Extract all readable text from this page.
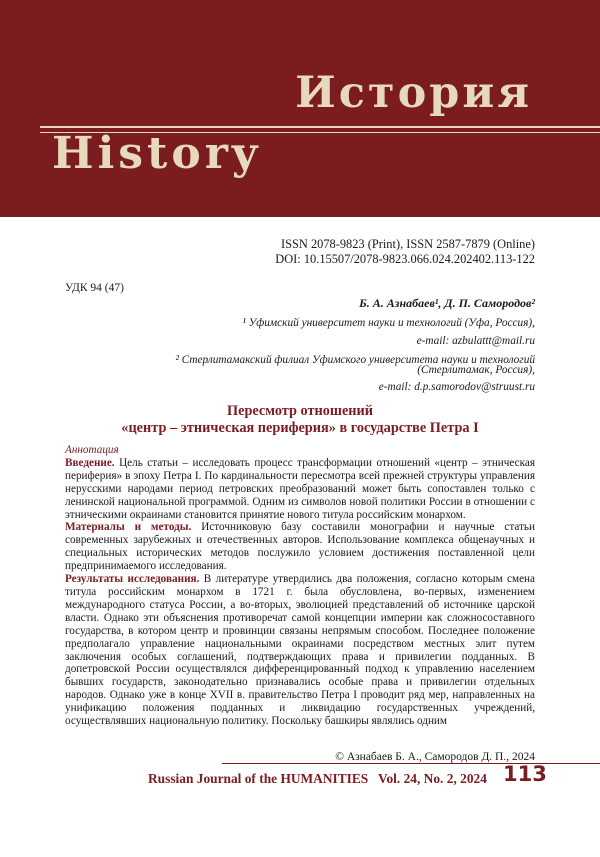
История
History
ISSN 2078-9823 (Print), ISSN 2587-7879 (Online)
DOI: 10.15507/2078-9823.066.024.202402.113-122
УДК 94 (47)
Б. А. Азнабаев¹, Д. П. Самородов²
¹ Уфимский университет науки и технологий (Уфа, Россия),
e-mail: azbulattt@mail.ru
² Стерлитамакский филиал Уфимского университета науки и технологий
(Стерлитамак, Россия),
e-mail: d.p.samorodov@struust.ru
Пересмотр отношений
«центр – этническая периферия» в государстве Петра I

Аннотация

Введение. Цель статьи – исследовать процесс трансформации отношений «центр – этническая периферия» в эпоху Петра I. По кардинальности пересмотра всей прежней структуры управления нерусскими народами период петровских преобразований может быть сопоставлен только с ленинской национальной программой. Одним из символов новой политики России в отношении с этническими окраинами становится принятие нового титула российским монархом.

Материалы и методы. Источниковую базу составили монографии и научные статьи современных зарубежных и отечественных авторов. Использование комплекса общенаучных и специальных исторических методов послужило условием достижения поставленной цели предпринимаемого исследования.

Результаты исследования. В литературе утвердились два положения, согласно которым смена титула российским монархом в 1721 г. была обусловлена, во-первых, изменением международного статуса России, а во-вторых, эволюцией представлений об источнике царской власти. Однако эти объяснения противоречат самой концепции империи как сложносоставного государства, в котором центр и провинции связаны непрямым способом. Последнее положение предполагало управление национальными окраинами посредством местных элит путем заключения особых соглашений, подтверждающих права и привилегии подданных. В допетровской России осуществлялся дифференцированный подход к управлению населением бывших государств, законодательно признавались особые права и привилегии отдельных народов. Однако уже в конце XVII в. правительство Петра I проводит ряд мер, направленных на унификацию положения подданных и ликвидацию государственных учреждений, осуществлявших национальную политику. Поскольку башкиры являлись одним

© Азнабаев Б. А., Самородов Д. П., 2024
Russian Journal of the HUMANITIES   Vol. 24, No. 2, 2024 113
